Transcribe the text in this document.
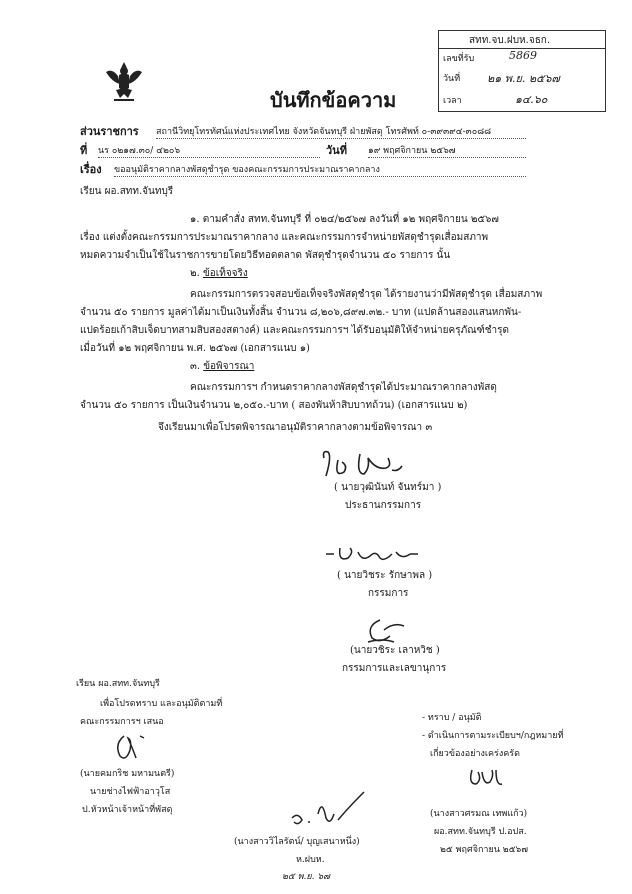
สทท.จบ.ฝบห.จธก.
เลขที่รับ	5869
วันที่ ๒๑ พ.ย. ๒๕๖๗
เวลา	๑๔.๖๐
บันทึกข้อความ
ส่วนราชการ สถานีวิทยุโทรทัศน์แห่งประเทศไทย จังหวัดจันทบุรี ฝ่ายพัสดุ โทรศัพท์ ๐-๓๙๓๙๔-๓๐๘๘
ที่ นร ๐๒๑๗.๓๐/ ๔๒๐๖	วันที่ ๑๙ พฤศจิกายน ๒๕๖๗
เรื่อง ขออนุมัติราคากลางพัสดุชำรุด ของคณะกรรมการประมาณราคากลาง
เรียน ผอ.สทท.จันทบุรี
๑. ตามคำสั่ง สทท.จันทบุรี ที่ ๐๒๔/๒๕๖๗ ลงวันที่ ๑๒ พฤศจิกายน ๒๕๖๗
เรื่อง แต่งตั้งคณะกรรมการประมาณราคากลาง และคณะกรรมการจำหน่ายพัสดุชำรุดเสื่อมสภาพ
หมดความจำเป็นใช้ในราชการขายโดยวิธีทอดตลาด พัสดุชำรุดจำนวน ๕๐ รายการ นั้น
๒. ข้อเท็จจริง
คณะกรรมการตรวจสอบข้อเท็จจริงพัสดุชำรุด ได้รายงานว่ามีพัสดุชำรุด เสื่อมสภาพ
จำนวน ๕๐ รายการ มูลค่าได้มาเป็นเงินทั้งสิ้น จำนวน ๘,๒๐๖,๘๙๗.๓๒.- บาท (แปดล้านสองแสนหกพัน-
แปดร้อยเก้าสิบเจ็ดบาทสามสิบสองสตางค์) และคณะกรรมการฯ ได้รับอนุมัติให้จำหน่ายครุภัณฑ์ชำรุด
เมื่อวันที่ ๑๒ พฤศจิกายน พ.ศ. ๒๕๖๗ (เอกสารแนบ ๑)
๓. ข้อพิจารณา
คณะกรรมการฯ กำหนดราคากลางพัสดุชำรุดได้ประมาณราคากลางพัสดุ
จำนวน ๕๐ รายการ เป็นเงินจำนวน ๒,๐๕๐.-บาท ( สองพันห้าสิบบาทถ้วน) (เอกสารแนบ ๒)
จึงเรียนมาเพื่อโปรดพิจารณาอนุมัติราคากลางตามข้อพิจารณา ๓
( นายวุฒินันท์ จันทร์มา )
ประธานกรรมการ
( นายวิชระ รักษาพล )
กรรมการ
(นายวชิระ เลาหวิช )
กรรมการและเลขานุการ
เรียน ผอ.สทท.จันทบุรี
เพื่อโปรดทราบ และอนุมัติตามที่
คณะกรรมการฯ เสนอ
(นายคมกริช มหามนตรี)
นายช่างไฟฟ้าอาวุโส
ป.หัวหน้าเจ้าหน้าที่พัสดุ
- ทราบ / อนุมัติ
- ดำเนินการตามระเบียบฯ/กฎหมายที่
เกี่ยวข้องอย่างเคร่งครัด
(นางสาวศรมณ เทพแก้ว)
ผอ.สทท.จันทบุรี ป.อปส.
๒๕ พฤศจิกายน ๒๕๖๗
(นางสาววิไลรัตน์/ บุญเสนาหนึ่ง)
ห.ฝบห.
๒๕ พ.ย. ๖๗
